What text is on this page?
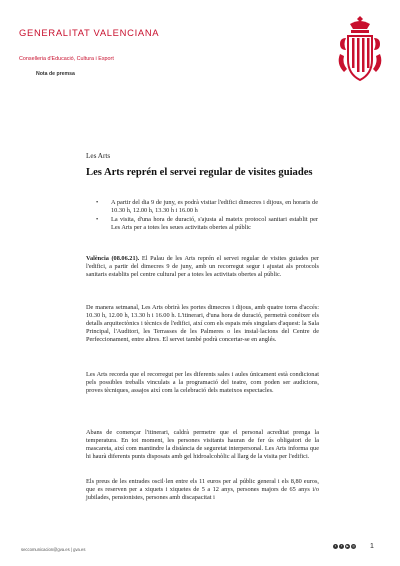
GENERALITAT VALENCIANA
Conselleria d'Educació, Cultura i Esport
Nota de premsa
Les Arts
Les Arts reprén el servei regular de visites guiades
• A partir del dia 9 de juny, es podrà visitar l'edifici dimecres i dijous, en horaris de 10.30 h, 12.00 h, 13.30 h i 16.00 h
• La visita, d'una hora de duració, s'ajusta al mateix protocol sanitari establit per Les Arts per a totes les seues activitats obertes al públic

València (08.06.21). El Palau de les Arts reprén el servei regular de visites guiades per l'edifici, a partir del dimecres 9 de juny, amb un recorregut segur i ajustat als protocols sanitaris establits pel centre cultural per a totes les activitats obertes al públic.

De manera setmanal, Les Arts obrirà les portes dimecres i dijous, amb quatre torns d'accés: 10.30 h, 12.00 h, 13.30 h i 16.00 h. L'itinerari, d'una hora de duració, permetrà conéixer els detalls arquitectònics i tècnics de l'edifici, així com els espais més singulars d'aquest: la Sala Principal, l'Auditori, les Terrasses de les Palmeres o les instal·lacions del Centre de Perfeccionament, entre altres. El servei també podrà concertar-se en anglés.

Les Arts recorda que el recorregut per les diferents sales i aules únicament està condicionat pels possibles treballs vinculats a la programació del teatre, com poden ser audicions, proves tècniques, assajos així com la celebració dels mateixos espectacles.

Abans de començar l'itinerari, caldrà permetre que el personal acreditat prenga la temperatura. En tot moment, les persones visitants hauran de fer ús obligatori de la mascareta, així com mantindre la distància de seguretat interpersonal. Les Arts informa que hi haurà diferents punts disposats amb gel hidroalcohòlic al llarg de la visita per l'edifici.

Els preus de les entrades oscil·len entre els 11 euros per al públic general i els 8,80 euros, que es reserven per a xiquets i xiquetes de 5 a 12 anys, persones majors de 65 anys i/o jubilades, pensionistes, persones amb discapacitat i

seccomunicacion@gva.es | gva.es
t	f	▶	◎ 1
